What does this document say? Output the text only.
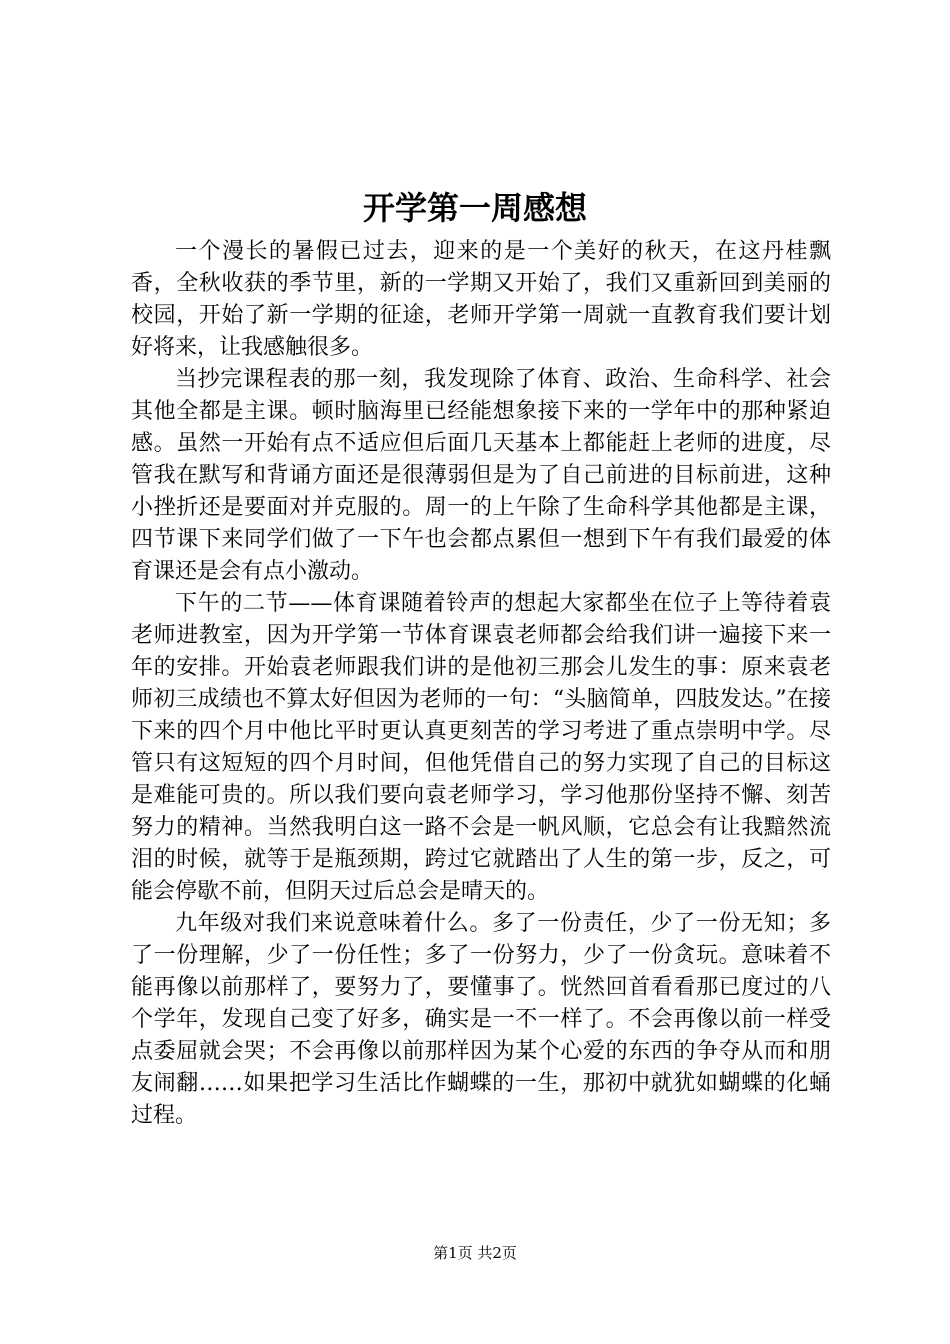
开学第一周感想

一个漫长的暑假已过去，迎来的是一个美好的秋天，在这丹桂飘香，全秋收获的季节里，新的一学期又开始了，我们又重新回到美丽的校园，开始了新一学期的征途，老师开学第一周就一直教育我们要计划好将来，让我感触很多。

当抄完课程表的那一刻，我发现除了体育、政治、生命科学、社会其他全都是主课。顿时脑海里已经能想象接下来的一学年中的那种紧迫感。虽然一开始有点不适应但后面几天基本上都能赶上老师的进度，尽管我在默写和背诵方面还是很薄弱但是为了自己前进的目标前进，这种小挫折还是要面对并克服的。周一的上午除了生命科学其他都是主课，四节课下来同学们做了一下午也会都点累但一想到下午有我们最爱的体育课还是会有点小激动。

下午的二节——体育课随着铃声的想起大家都坐在位子上等待着袁老师进教室，因为开学第一节体育课袁老师都会给我们讲一遍接下来一年的安排。开始袁老师跟我们讲的是他初三那会儿发生的事：原来袁老师初三成绩也不算太好但因为老师的一句：“头脑简单，四肢发达。”在接下来的四个月中他比平时更认真更刻苦的学习考进了重点崇明中学。尽管只有这短短的四个月时间，但他凭借自己的努力实现了自己的目标这是难能可贵的。所以我们要向袁老师学习，学习他那份坚持不懈、刻苦努力的精神。当然我明白这一路不会是一帆风顺，它总会有让我黯然流泪的时候，就等于是瓶颈期，跨过它就踏出了人生的第一步，反之，可能会停歇不前，但阴天过后总会是晴天的。

九年级对我们来说意味着什么。多了一份责任，少了一份无知；多了一份理解，少了一份任性；多了一份努力，少了一份贪玩。意味着不能再像以前那样了，要努力了，要懂事了。恍然回首看看那已度过的八个学年，发现自己变了好多，确实是一不一样了。不会再像以前一样受点委屈就会哭；不会再像以前那样因为某个心爱的东西的争夺从而和朋友闹翻……如果把学习生活比作蝴蝶的一生，那初中就犹如蝴蝶的化蛹过程。

第1页 共2页
